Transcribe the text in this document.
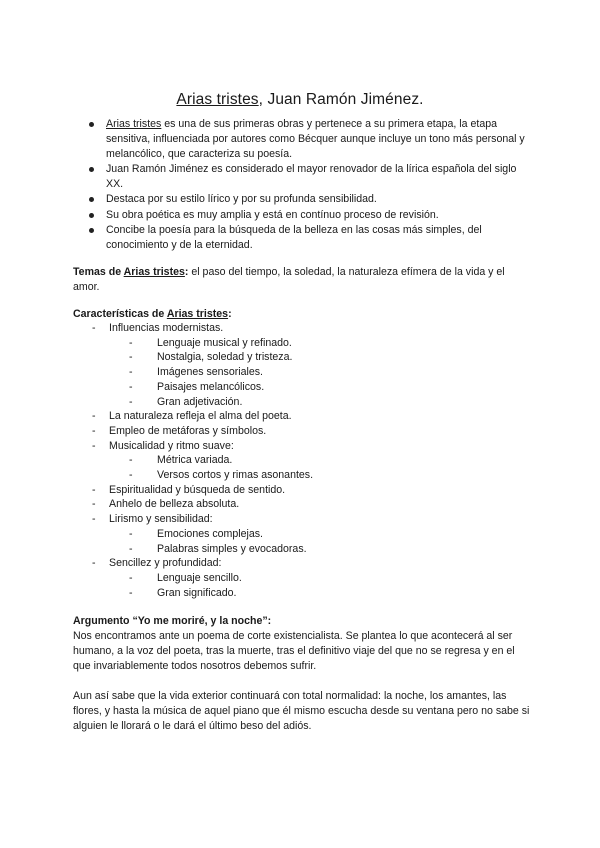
Arias tristes, Juan Ramón Jiménez.
Arias tristes es una de sus primeras obras y pertenece a su primera etapa, la etapa sensitiva, influenciada por autores como Bécquer aunque incluye un tono más personal y melancólico, que caracteriza su poesía.
Juan Ramón Jiménez es considerado el mayor renovador de la lírica española del siglo XX.
Destaca por su estilo lírico y por su profunda sensibilidad.
Su obra poética es muy amplia y está en contínuo proceso de revisión.
Concibe la poesía para la búsqueda de la belleza en las cosas más simples, del conocimiento y de la eternidad.

Temas de Arias tristes: el paso del tiempo, la soledad, la naturaleza efímera de la vida y el amor.

Características de Arias tristes:

- Influencias modernistas.
- Lenguaje musical y refinado.
- Nostalgia, soledad y tristeza.
- Imágenes sensoriales.
- Paisajes melancólicos.
- Gran adjetivación.
- La naturaleza refleja el alma del poeta.
- Empleo de metáforas y símbolos.
- Musicalidad y ritmo suave:
- Métrica variada.
- Versos cortos y rimas asonantes.
- Espiritualidad y búsqueda de sentido.
- Anhelo de belleza absoluta.
- Lirismo y sensibilidad:
- Emociones complejas.
- Palabras simples y evocadoras.
- Sencillez y profundidad:
- Lenguaje sencillo.
- Gran significado.

Argumento “Yo me moriré, y la noche”:

Nos encontramos ante un poema de corte existencialista. Se plantea lo que acontecerá al ser humano, a la voz del poeta, tras la muerte, tras el definitivo viaje del que no se regresa y en el que invariablemente todos nosotros debemos sufrir.

Aun así sabe que la vida exterior continuará con total normalidad: la noche, los amantes, las flores, y hasta la música de aquel piano que él mismo escucha desde su ventana pero no sabe si alguien le llorará o le dará el último beso del adiós.
